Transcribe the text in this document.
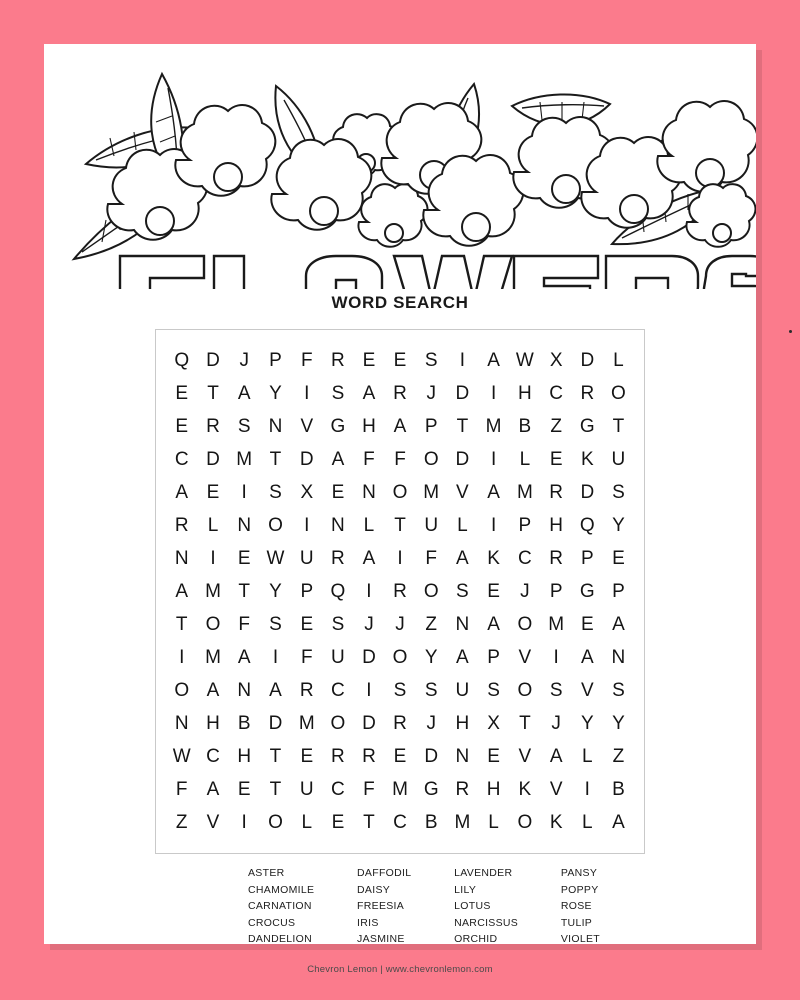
WORD SEARCH
Q	D	J	P	F	R	E	E	S	I	A	W	X	D	L
E	T	A	Y	I	S	A	R	J	D	I	H	C	R	O
E	R	S	N	V	G	H	A	P	T	M	B	Z	G	T
C	D	M	T	D	A	F	F	O	D	I	L	E	K	U
A	E	I	S	X	E	N	O	M	V	A	M	R	D	S
R	L	N	O	I	N	L	T	U	L	I	P	H	Q	Y
N	I	E	W	U	R	A	I	F	A	K	C	R	P	E
A	M	T	Y	P	Q	I	R	O	S	E	J	P	G	P
T	O	F	S	E	S	J	J	Z	N	A	O	M	E	A
I	M	A	I	F	U	D	O	Y	A	P	V	I	A	N
O	A	N	A	R	C	I	S	S	U	S	O	S	V	S
N	H	B	D	M	O	D	R	J	H	X	T	J	Y	Y
W	C	H	T	E	R	R	E	D	N	E	V	A	L	Z
F	A	E	T	U	C	F	M	G	R	H	K	V	I	B
Z	V	I	O	L	E	T	C	B	M	L	O	K	L	A
ASTER
CHAMOMILE
CARNATION
CROCUS
DANDELION
DAFFODIL
DAISY
FREESIA
IRIS
JASMINE
LAVENDER
LILY
LOTUS
NARCISSUS
ORCHID
PANSY
POPPY
ROSE
TULIP
VIOLET
Chevron Lemon | www.chevronlemon.com
